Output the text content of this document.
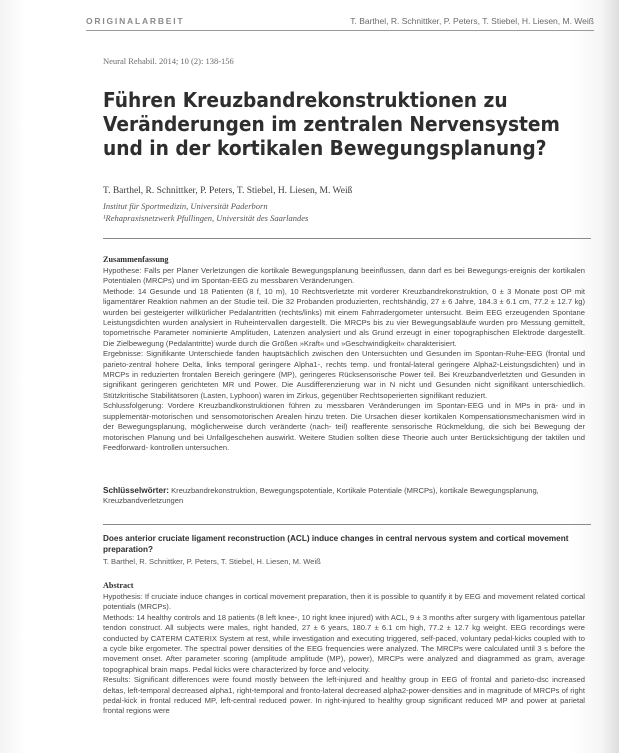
ORIGINALARBEIT	T. Barthel, R. Schnittker, P. Peters, T. Stiebel, H. Liesen, M. Weiß
Neural Rehabil. 2014; 10 (2): 138-156
Führen Kreuzbandrekonstruktionen zu
Veränderungen im zentralen Nervensystem
und in der kortikalen Bewegungsplanung?
T. Barthel, R. Schnittker, P. Peters, T. Stiebel, H. Liesen, M. Weiß
Institut für Sportmedizin, Universität Paderborn
¹Rehapraxisnetzwerk Pfullingen, Universität des Saarlandes
Zusammenfassung

Hypothese: Falls per Planer Verletzungen die kortikale Bewegungsplanung beeinflussen, dann darf es bei Bewegungs-ereignis der kortikalen Potentialen (MRCPs) und im Spontan-EEG zu messbaren Veränderungen.

Methode: 14 Gesunde und 18 Patienten (8 f, 10 m), 10 Rechtsverletzte mit vorderer Kreuzbandrekonstruktion, 0 ± 3 Monate post OP mit ligamentärer Reaktion nahmen an der Studie teil. Die 32 Probanden produzierten, rechtshändig, 27 ± 6 Jahre, 184.3 ± 6.1 cm, 77.2 ± 12.7 kg) wurden bei gesteigerter willkürlicher Pedalantritten (rechts/links) mit einem Fahrradergometer untersucht. Beim EEG erzeugenden Spontane Leistungsdichten wurden analysiert in Ruheintervallen dargestellt. Die MRCPs bis zu vier Bewegungsabläufe wurden pro Messung gemittelt, topometrische Parameter nominierte Amplituden, Latenzen analysiert und als Grund erzeugt in einer topographischen Elektrode dargestellt. Die Zielbewegung (Pedalantritte) wurde durch die Größen »Kraft« und »Geschwindigkeit« charakterisiert.

Ergebnisse: Signifikante Unterschiede fanden hauptsächlich zwischen den Untersuchten und Gesunden im Spontan-Ruhe-EEG (frontal und parieto-zentral hohere Delta, links temporal geringere Alpha1-, rechts temp. und frontal-lateral geringere Alpha2-Leistungsdichten) und in MRCPs in reduzierten frontalen Bereich geringere (MP), geringeres Rücksensorische Power teil. Bei Kreuzbandverletzten und Gesunden in signifikant geringeren gerichteten MR und Power. Die Ausdifferenzierung war in N nicht und Gesunden nicht signifikant unterschiedlich. Stützkritische Stabilitätsoren (Lasten, Lyphoon) waren im Zirkus, gegenüber Rechtsoperierten signifikant reduziert.

Schlussfolgerung: Vordere Kreuzbandkonstruktionen führen zu messbaren Veränderungen im Spontan-EEG und in MPs in prä- und in supplementär-motorischen und sensomotorischen Arealen hinzu treten. Die Ursachen dieser kortikalen Kompensationsmechanismen wird in der Bewegungsplanung, möglicherweise durch veränderte (nach- teil) reafferente sensorische Rückmeldung, die sich bei Bewegung der motorischen Planung und bei Unfallgeschehen auswirkt. Weitere Studien sollten diese Theorie auch unter Berücksichtigung der taktilen und Feedforward- kontrollen untersuchen.

Schlüsselwörter: Kreuzbandrekonstruktion, Bewegungspotentiale, Kortikale Potentiale (MRCPs), kortikale Bewegungsplanung, Kreuzbandverletzungen
Does anterior cruciate ligament reconstruction (ACL) induce changes in central nervous system and cortical movement preparation?
T. Barthel, R. Schnittker, P. Peters, T. Stiebel, H. Liesen, M. Weiß
Abstract

Hypothesis: If cruciate induce changes in cortical movement preparation, then it is possible to quantify it by EEG and movement related cortical potentials (MRCPs).

Methods: 14 healthy controls and 18 patients (8 left knee-, 10 right knee injured) with ACL, 9 ± 3 months after surgery with ligamentous patellar tendon construct. All subjects were males, right handed, 27 ± 6 years, 180.7 ± 6.1 cm high, 77.2 ± 12.7 kg weight. EEG recordings were conducted by CATERM CATERIX System at rest, while investigation and executing triggered, self-paced, voluntary pedal-kicks coupled with to a cycle bike ergometer. The spectral power densities of the EEG frequencies were analyzed. The MRCPs were calculated until 3 s before the movement onset. After parameter scoring (amplitude amplitude (MP), power), MRCPs were analyzed and diagrammed as gram, average topographical brain maps. Pedal kicks were characterized by force and velocity.

Results: Significant differences were found mostly between the left-injured and healthy group in EEG of frontal and parieto-dsc increased deltas, left-temporal decreased alpha1, right-temporal and fronto-lateral decreased alpha2-power-densities and in magnitude of MRCPs of right pedal-kick in frontal reduced MP, left-central reduced power. In right-injured to healthy group significant reduced MP and power at parietal frontal regions were
